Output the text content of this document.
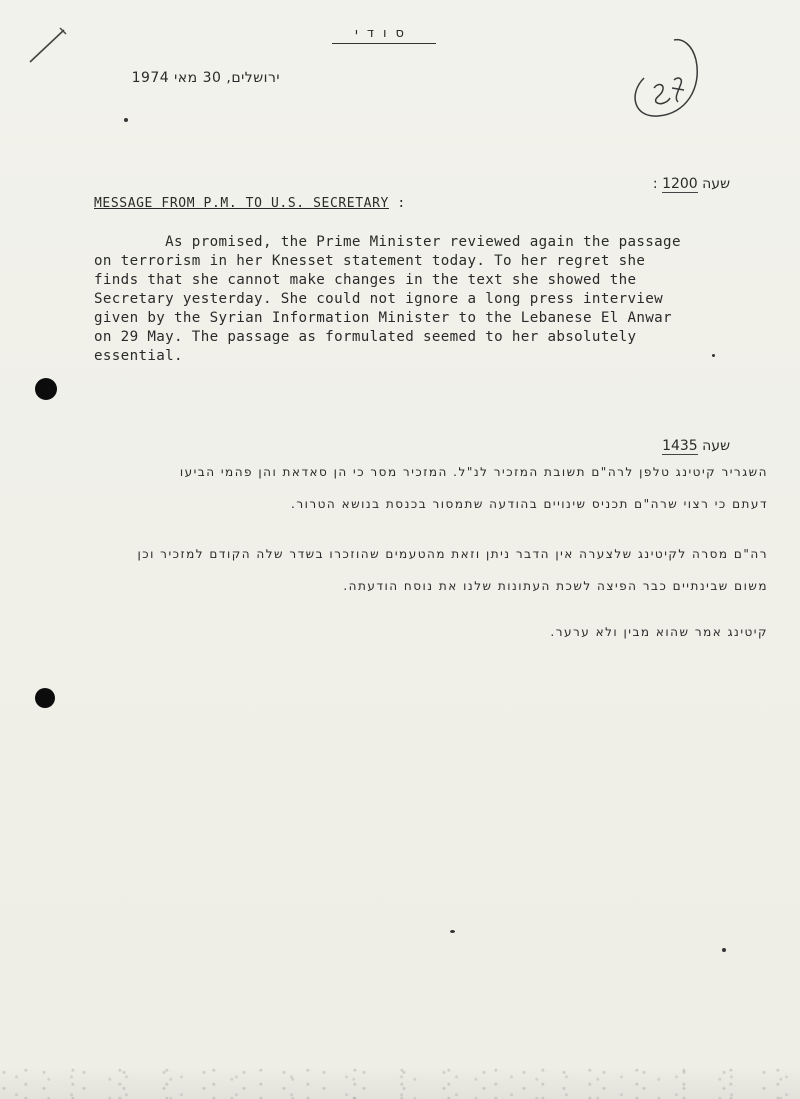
סודי
ירושלים, 30 מאי 1974
שעה 1200 :
MESSAGE FROM P.M. TO U.S. SECRETARY :
As promised, the Prime Minister reviewed again the passage
on terrorism in her Knesset statement today. To her regret she
finds that she cannot make changes in the text she showed the
Secretary yesterday. She could not ignore a long press interview
given by the Syrian Information Minister to the Lebanese El Anwar
on 29 May. The passage as formulated seemed to her absolutely
essential.
שעה 1435
השגריר קיטינג טלפן לרה"ם תשובת המזכיר לנ"ל. המזכיר מסר כי הן סאדאת והן פהמי הביעו
דעתם כי רצוי שרה"ם תכניס שינויים בהודעה שתמסור בכנסת בנושא הטרור.
רה"ם מסרה לקיטינג שלצערה אין הדבר ניתן וזאת מהטעמים שהוזכרו בשדר שלה הקודם למזכיר וכן
משום שבינתיים כבר הפיצה לשכת העתונות שלנו את נוסח הודעתה.
קיטינג אמר שהוא מבין ולא ערער.
